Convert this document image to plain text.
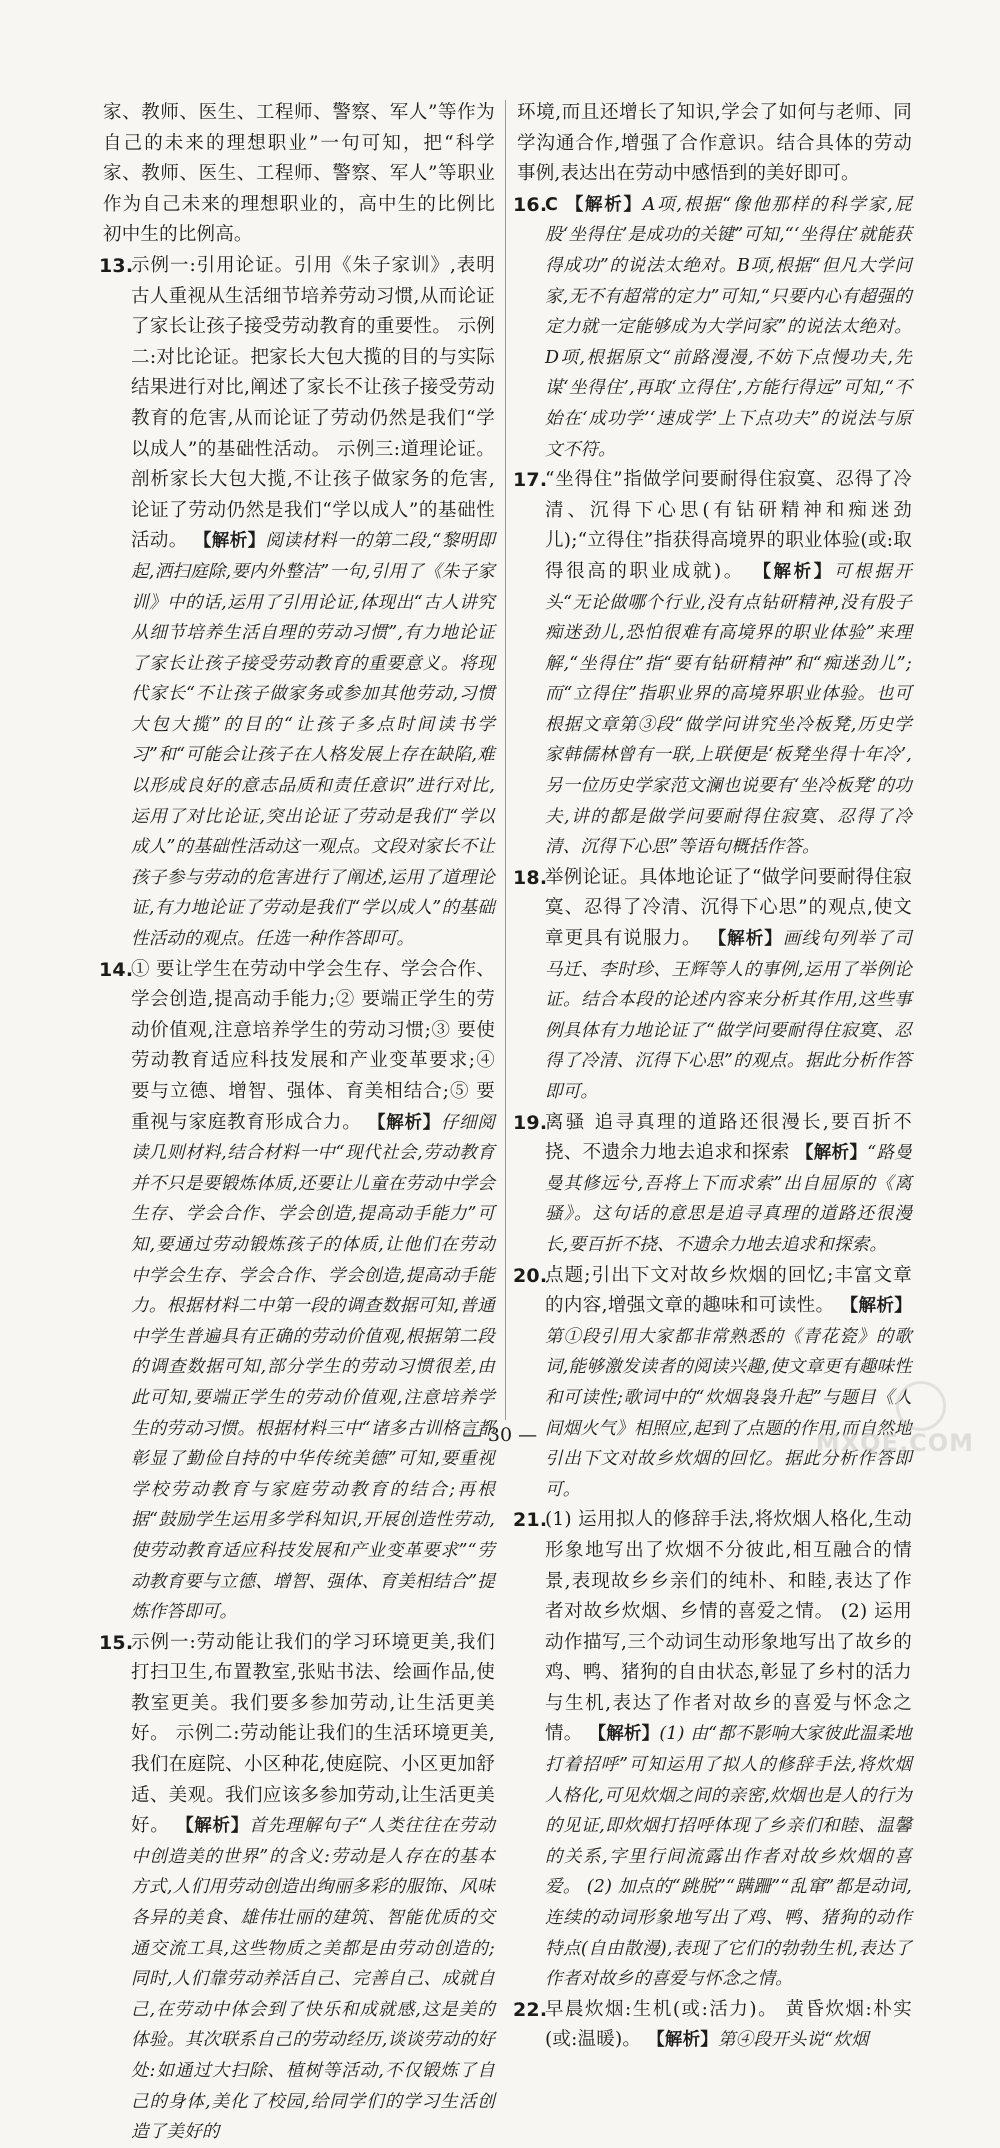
家、教师、医生、工程师、警察、军人”等作为自己的未来的理想职业”一句可知，把“科学家、教师、医生、工程师、警察、军人”等职业作为自己未来的理想职业的，高中生的比例比初中生的比例高。

13.
示例一:引用论证。引用《朱子家训》,表明古人重视从生活细节培养劳动习惯,从而论证了家长让孩子接受劳动教育的重要性。 示例二:对比论证。把家长大包大揽的目的与实际结果进行对比,阐述了家长不让孩子接受劳动教育的危害,从而论证了劳动仍然是我们“学以成人”的基础性活动。 示例三:道理论证。剖析家长大包大揽,不让孩子做家务的危害,论证了劳动仍然是我们“学以成人”的基础性活动。 【解析】阅读材料一的第二段,“黎明即起,洒扫庭除,要内外整洁”一句,引用了《朱子家训》中的话,运用了引用论证,体现出“古人讲究从细节培养生活自理的劳动习惯”,有力地论证了家长让孩子接受劳动教育的重要意义。将现代家长“不让孩子做家务或参加其他劳动,习惯大包大揽”的目的“让孩子多点时间读书学习”和“可能会让孩子在人格发展上存在缺陷,难以形成良好的意志品质和责任意识”进行对比,运用了对比论证,突出论证了劳动是我们“学以成人”的基础性活动这一观点。文段对家长不让孩子参与劳动的危害进行了阐述,运用了道理论证,有力地论证了劳动是我们“学以成人”的基础性活动的观点。任选一种作答即可。

14.
① 要让学生在劳动中学会生存、学会合作、学会创造,提高动手能力;② 要端正学生的劳动价值观,注意培养学生的劳动习惯;③ 要使劳动教育适应科技发展和产业变革要求;④ 要与立德、增智、强体、育美相结合;⑤ 要重视与家庭教育形成合力。 【解析】仔细阅读几则材料,结合材料一中“现代社会,劳动教育并不只是要锻炼体质,还要让儿童在劳动中学会生存、学会合作、学会创造,提高动手能力”可知,要通过劳动锻炼孩子的体质,让他们在劳动中学会生存、学会合作、学会创造,提高动手能力。根据材料二中第一段的调查数据可知,普通中学生普遍具有正确的劳动价值观,根据第二段的调查数据可知,部分学生的劳动习惯很差,由此可知,要端正学生的劳动价值观,注意培养学生的劳动习惯。根据材料三中“诸多古训格言都彰显了勤俭自持的中华传统美德”可知,要重视学校劳动教育与家庭劳动教育的结合;再根据“鼓励学生运用多学科知识,开展创造性劳动,使劳动教育适应科技发展和产业变革要求”“劳动教育要与立德、增智、强体、育美相结合”提炼作答即可。

15.
示例一:劳动能让我们的学习环境更美,我们打扫卫生,布置教室,张贴书法、绘画作品,使教室更美。我们要多参加劳动,让生活更美好。 示例二:劳动能让我们的生活环境更美,我们在庭院、小区种花,使庭院、小区更加舒适、美观。我们应该多参加劳动,让生活更美好。 【解析】首先理解句子“人类往往在劳动中创造美的世界”的含义:劳动是人存在的基本方式,人们用劳动创造出绚丽多彩的服饰、风味各异的美食、雄伟壮丽的建筑、智能优质的交通交流工具,这些物质之美都是由劳动创造的;同时,人们靠劳动养活自己、完善自己、成就自己,在劳动中体会到了快乐和成就感,这是美的体验。其次联系自己的劳动经历,谈谈劳动的好处:如通过大扫除、植树等活动,不仅锻炼了自己的身体,美化了校园,给同学们的学习生活创造了美好的

环境,而且还增长了知识,学会了如何与老师、同学沟通合作,增强了合作意识。结合具体的劳动事例,表达出在劳动中感悟到的美好即可。

16.
C 【解析】A项,根据“像他那样的科学家,屁股‘坐得住’是成功的关键”可知,“‘坐得住’就能获得成功”的说法太绝对。B项,根据“但凡大学问家,无不有超常的定力”可知,“只要内心有超强的定力就一定能够成为大学问家”的说法太绝对。D项,根据原文“前路漫漫,不妨下点慢功夫,先谋‘坐得住’,再取‘立得住’,方能行得远”可知,“不始在‘成功学’‘速成学’上下点功夫”的说法与原文不符。

17.
“坐得住”指做学问要耐得住寂寞、忍得了冷清、沉得下心思(有钻研精神和痴迷劲儿);“立得住”指获得高境界的职业体验(或:取得很高的职业成就)。 【解析】可根据开头“无论做哪个行业,没有点钻研精神,没有股子痴迷劲儿,恐怕很难有高境界的职业体验”来理解,“坐得住”指“要有钻研精神”和“痴迷劲儿”;而“立得住”指职业界的高境界职业体验。也可根据文章第③段“做学问讲究坐冷板凳,历史学家韩儒林曾有一联,上联便是‘板凳坐得十年冷’,另一位历史学家范文澜也说要有‘坐冷板凳’的功夫,讲的都是做学问要耐得住寂寞、忍得了冷清、沉得下心思”等语句概括作答。

18.
举例论证。具体地论证了“做学问要耐得住寂寞、忍得了冷清、沉得下心思”的观点,使文章更具有说服力。 【解析】画线句列举了司马迁、李时珍、王辉等人的事例,运用了举例论证。结合本段的论述内容来分析其作用,这些事例具体有力地论证了“做学问要耐得住寂寞、忍得了冷清、沉得下心思”的观点。据此分析作答即可。

19.
离骚 追寻真理的道路还很漫长,要百折不挠、不遗余力地去追求和探索 【解析】“路曼曼其修远兮,吾将上下而求索”出自屈原的《离骚》。这句话的意思是追寻真理的道路还很漫长,要百折不挠、不遗余力地去追求和探索。

20.
点题;引出下文对故乡炊烟的回忆;丰富文章的内容,增强文章的趣味和可读性。 【解析】第①段引用大家都非常熟悉的《青花瓷》的歌词,能够激发读者的阅读兴趣,使文章更有趣味性和可读性;歌词中的“炊烟袅袅升起”与题目《人间烟火气》相照应,起到了点题的作用,而自然地引出下文对故乡炊烟的回忆。据此分析作答即可。

21.
(1) 运用拟人的修辞手法,将炊烟人格化,生动形象地写出了炊烟不分彼此,相互融合的情景,表现故乡乡亲们的纯朴、和睦,表达了作者对故乡炊烟、乡情的喜爱之情。 (2) 运用动作描写,三个动词生动形象地写出了故乡的鸡、鸭、猪狗的自由状态,彰显了乡村的活力与生机,表达了作者对故乡的喜爱与怀念之情。 【解析】(1) 由“都不影响大家彼此温柔地打着招呼”可知运用了拟人的修辞手法,将炊烟人格化,可见炊烟之间的亲密,炊烟也是人的行为的见证,即炊烟打招呼体现了乡亲们和睦、温馨的关系,字里行间流露出作者对故乡炊烟的喜爱。 (2) 加点的“跳脱”“蹒跚”“乱窜”都是动词,连续的动词形象地写出了鸡、鸭、猪狗的动作特点(自由散漫),表现了它们的勃勃生机,表达了作者对故乡的喜爱与怀念之情。

22.
早晨炊烟:生机(或:活力)。 黄昏炊烟:朴实(或:温暖)。 【解析】第④段开头说“炊烟

— 30 —	MXQE.COM
